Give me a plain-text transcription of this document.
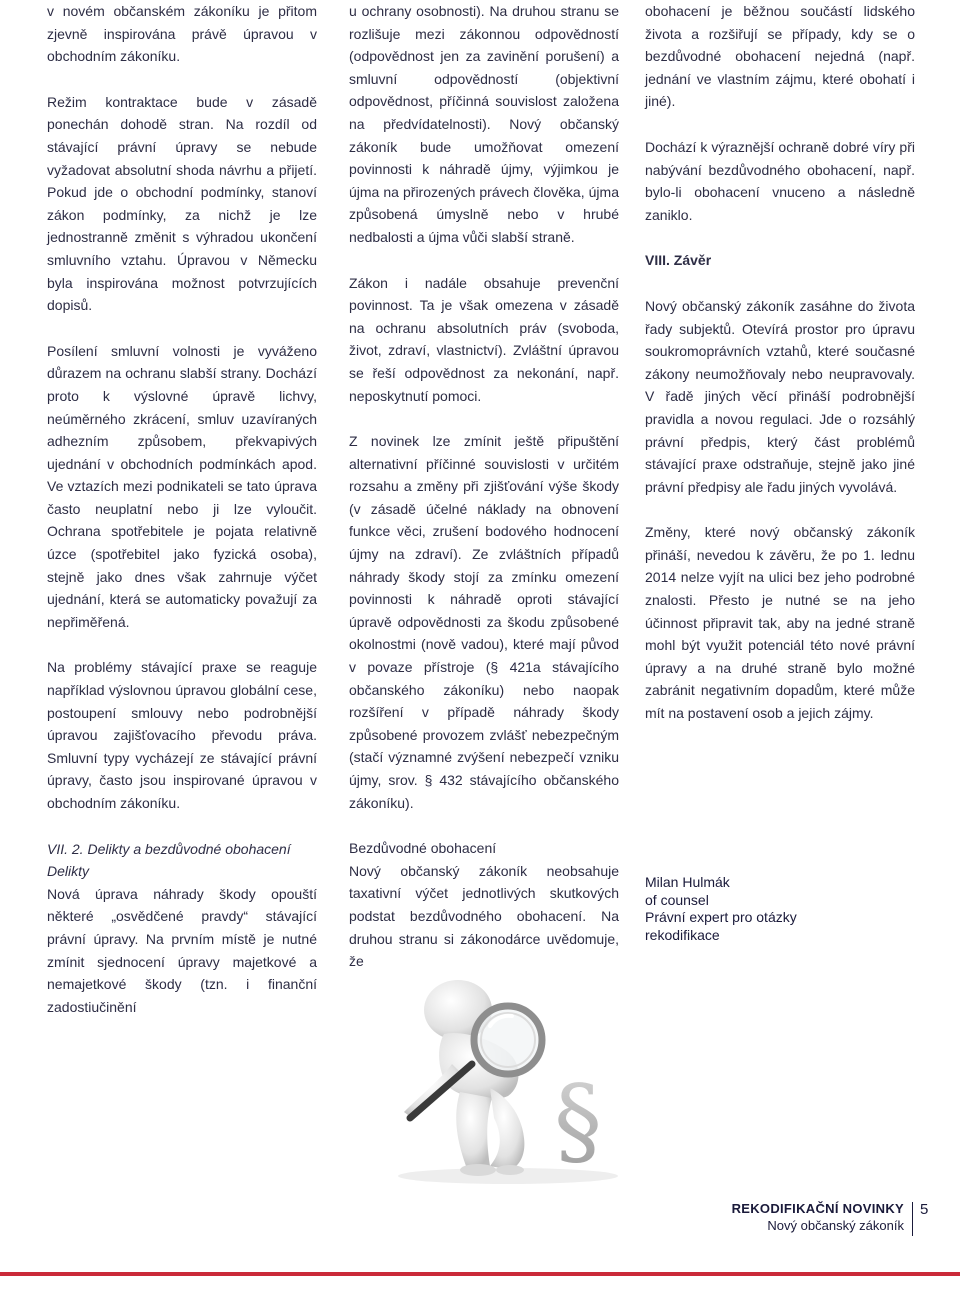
v novém občanském zákoníku je přitom zjevně inspirována právě úpravou v obchodním zákoníku.

Režim kontraktace bude v zásadě ponechán dohodě stran. Na rozdíl od stávající právní úpravy se nebude vyžadovat absolutní shoda návrhu a přijetí. Pokud jde o obchodní podmínky, stanoví zákon podmínky, za nichž je lze jednostranně změnit s výhradou ukončení smluvního vztahu. Úpravou v Německu byla inspirována možnost potvrzujících dopisů.

Posílení smluvní volnosti je vyváženo důrazem na ochranu slabší strany. Dochází proto k výslovné úpravě lichvy, neúměrného zkrácení, smluv uzavíraných adhezním způsobem, překvapivých ujednání v obchodních podmínkách apod. Ve vztazích mezi podnikateli se tato úprava často neuplatní nebo ji lze vyloučit. Ochrana spotřebitele je pojata relativně úzce (spotřebitel jako fyzická osoba), stejně jako dnes však zahrnuje výčet ujednání, která se automaticky považují za nepřiměřená.

Na problémy stávající praxe se reaguje například výslovnou úpravou globální cese, postoupení smlouvy nebo podrobnější úpravou zajišťovacího převodu práva. Smluvní typy vycházejí ze stávající právní úpravy, často jsou inspirované úpravou v obchodním zákoníku.

VII. 2. Delikty a bezdůvodné obohacení

Delikty

Nová úprava náhrady škody opouští některé „osvědčené pravdy“ stávající právní úpravy. Na prvním místě je nutné zmínit sjednocení úpravy majetkové a nemajetkové škody (tzn. i finanční zadostiučinění

u ochrany osobnosti). Na druhou stranu se rozlišuje mezi zákonnou odpovědností (odpovědnost jen za zavinění porušení) a smluvní odpovědností (objektivní odpovědnost, příčinná souvislost založena na předvídatelnosti). Nový občanský zákoník bude umožňovat omezení povinnosti k náhradě újmy, výjimkou je újma na přirozených právech člověka, újma způsobená úmyslně nebo v hrubé nedbalosti a újma vůči slabší straně.

Zákon i nadále obsahuje prevenční povinnost. Ta je však omezena v zásadě na ochranu absolutních práv (svoboda, život, zdraví, vlastnictví). Zvláštní úpravou se řeší odpovědnost za nekonání, např. neposkytnutí pomoci.

Z novinek lze zmínit ještě připuštění alternativní příčinné souvislosti v určitém rozsahu a změny při zjišťování výše škody (v zásadě účelné náklady na obnovení funkce věci, zrušení bodového hodnocení újmy na zdraví). Ze zvláštních případů náhrady škody stojí za zmínku omezení povinnosti k náhradě oproti stávající úpravě odpovědnosti za škodu způsobené okolnostmi (nově vadou), které mají původ v povaze přístroje (§ 421a stávajícího občanského zákoníku) nebo naopak rozšíření v případě náhrady škody způsobené provozem zvlášť nebezpečným (stačí významné zvýšení nebezpečí vzniku újmy, srov. § 432 stávajícího občanského zákoníku).

Bezdůvodné obohacení

Nový občanský zákoník neobsahuje taxativní výčet jednotlivých skutkových podstat bezdůvodného obohacení. Na druhou stranu si zákonodárce uvědomuje, že

obohacení je běžnou součástí lidského života a rozšiřují se případy, kdy se o bezdůvodné obohacení nejedná (např. jednání ve vlastním zájmu, které obohatí i jiné).

Dochází k výraznější ochraně dobré víry při nabývání bezdůvodného obohacení, např. bylo-li obohacení vnuceno a následně zaniklo.

VIII. Závěr

Nový občanský zákoník zasáhne do života řady subjektů. Otevírá prostor pro úpravu soukromoprávních vztahů, které současné zákony neumožňovaly nebo neupravovaly. V řadě jiných věcí přináší podrobnější pravidla a novou regulaci. Jde o rozsáhlý právní předpis, který část problémů stávající praxe odstraňuje, stejně jako jiné právní předpisy ale řadu jiných vyvolává.

Změny, které nový občanský zákoník přináší, nevedou k závěru, že po 1. lednu 2014 nelze vyjít na ulici bez jeho podrobné znalosti. Přesto je nutné se na jeho účinnost připravit tak, aby na jedné straně mohl být využit potenciál této nové právní úpravy a na druhé straně bylo možné zabránit negativním dopadům, které může mít na postavení osob a jejich zájmy.

Milan Hulmák
of counsel
Právní expert pro otázky
rekodifikace
§
REKODIFIKAČNÍ NOVINKY
Nový občanský zákoník
5
